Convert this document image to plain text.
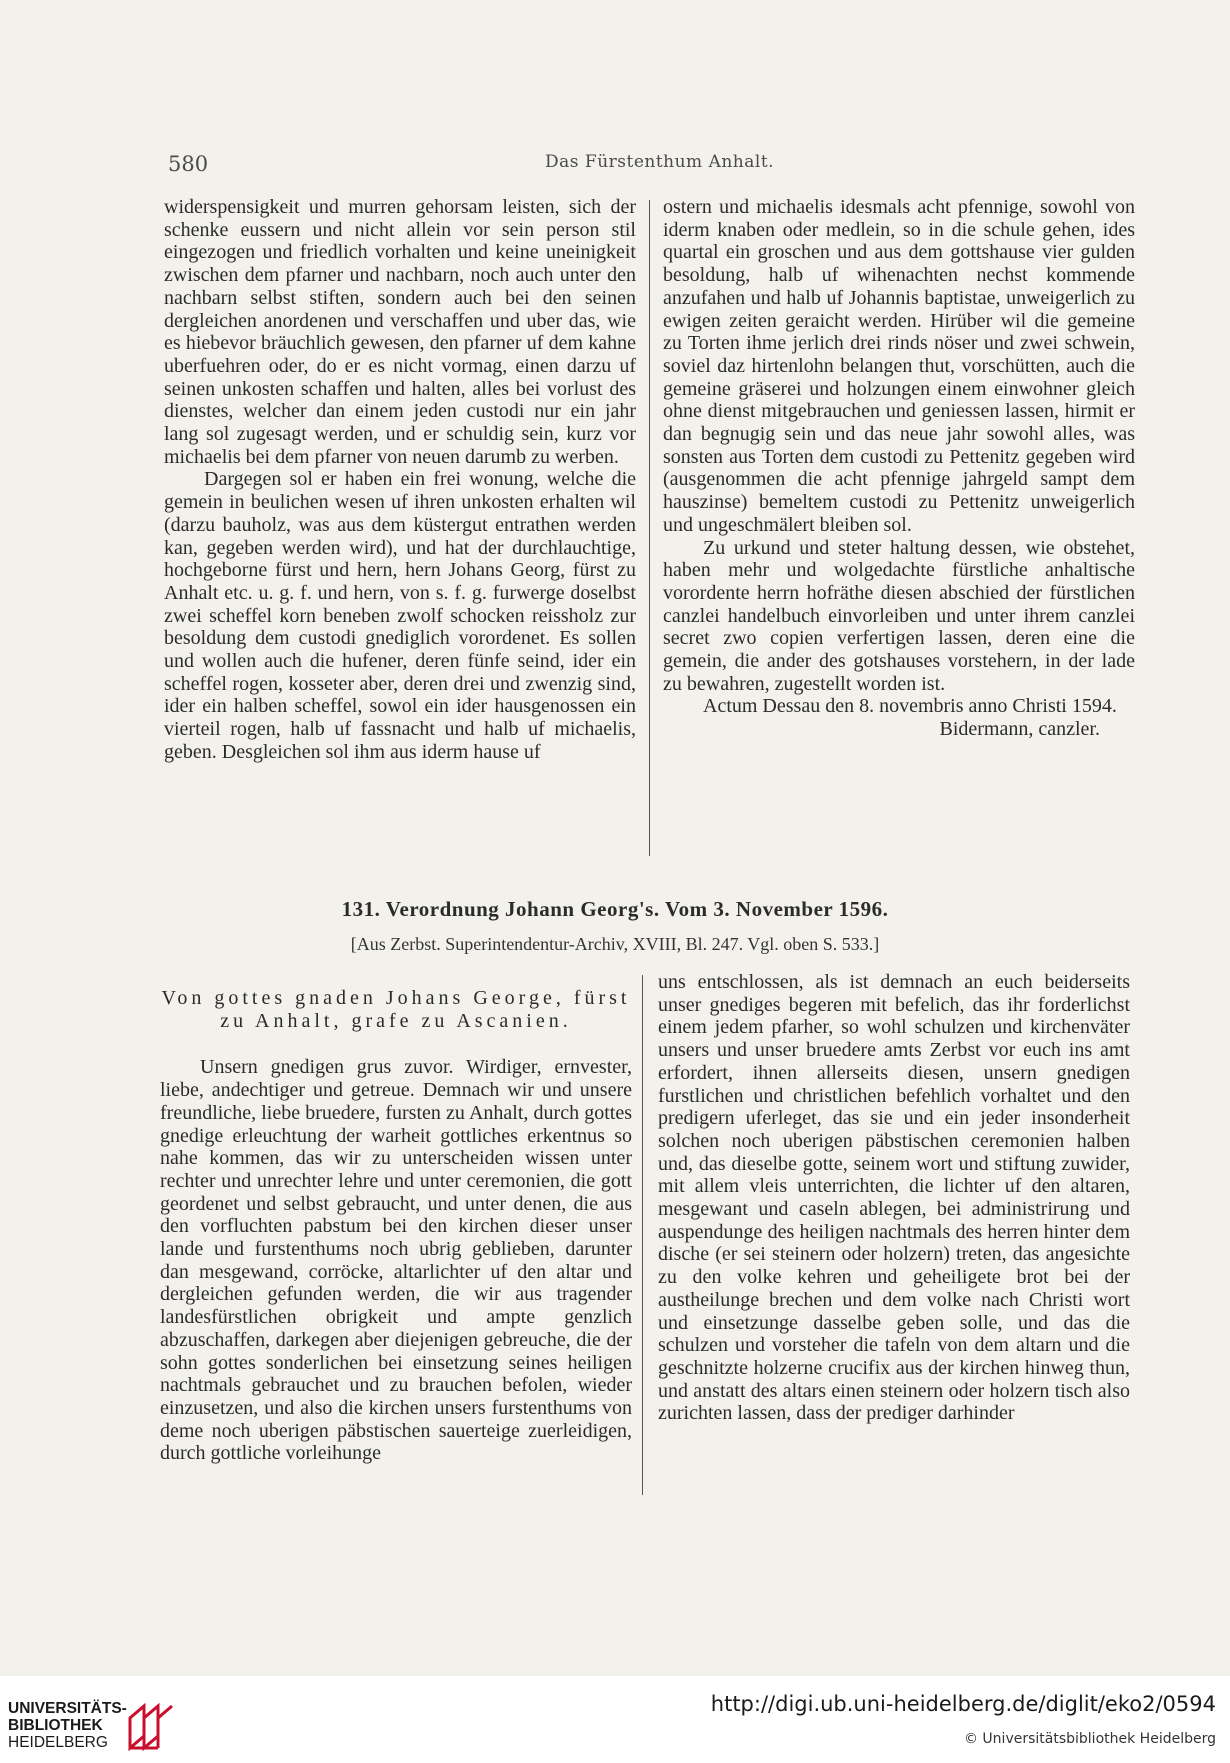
580	Das Fürstenthum Anhalt.

widerspensigkeit und murren gehorsam leisten, sich der schenke eussern und nicht allein vor sein person stil eingezogen und friedlich vorhalten und keine uneinigkeit zwischen dem pfarner und nachbarn, noch auch unter den nachbarn selbst stiften, sondern auch bei den seinen dergleichen anordenen und verschaffen und uber das, wie es hiebevor bräuchlich gewesen, den pfarner uf dem kahne uberfuehren oder, do er es nicht vormag, einen darzu uf seinen unkosten schaffen und halten, alles bei vorlust des dienstes, welcher dan einem jeden custodi nur ein jahr lang sol zugesagt werden, und er schuldig sein, kurz vor michaelis bei dem pfarner von neuen darumb zu werben.

Dargegen sol er haben ein frei wonung, welche die gemein in beulichen wesen uf ihren unkosten erhalten wil (darzu bauholz, was aus dem küstergut entrathen werden kan, gegeben werden wird), und hat der durchlauchtige, hochgeborne fürst und hern, hern Johans Georg, fürst zu Anhalt etc. u. g. f. und hern, von s. f. g. furwerge doselbst zwei scheffel korn beneben zwolf schocken reissholz zur besoldung dem custodi gnediglich vorordenet. Es sollen und wollen auch die hufener, deren fünfe seind, ider ein scheffel rogen, kosseter aber, deren drei und zwenzig sind, ider ein halben scheffel, sowol ein ider hausgenossen ein vierteil rogen, halb uf fassnacht und halb uf michaelis, geben. Desgleichen sol ihm aus iderm hause uf

ostern und michaelis idesmals acht pfennige, sowohl von iderm knaben oder medlein, so in die schule gehen, ides quartal ein groschen und aus dem gottshause vier gulden besoldung, halb uf wihenachten nechst kommende anzufahen und halb uf Johannis baptistae, unweigerlich zu ewigen zeiten geraicht werden. Hirüber wil die gemeine zu Torten ihme jerlich drei rinds nöser und zwei schwein, soviel daz hirtenlohn belangen thut, vorschütten, auch die gemeine gräserei und holzungen einem einwohner gleich ohne dienst mitgebrauchen und geniessen lassen, hirmit er dan begnugig sein und das neue jahr sowohl alles, was sonsten aus Torten dem custodi zu Pettenitz gegeben wird (ausgenommen die acht pfennige jahrgeld sampt dem hauszinse) bemeltem custodi zu Pettenitz unweigerlich und ungeschmälert bleiben sol.

Zu urkund und steter haltung dessen, wie obstehet, haben mehr und wolgedachte fürstliche anhaltische vorordente herrn hofräthe diesen abschied der fürstlichen canzlei handelbuch einvorleiben und unter ihrem canzlei secret zwo copien verfertigen lassen, deren eine die gemein, die ander des gotshauses vorstehern, in der lade zu bewahren, zugestellt worden ist.

Actum Dessau den 8. novembris anno Christi 1594.

Bidermann, canzler.

131. Verordnung Johann Georg's. Vom 3. November 1596.
[Aus Zerbst. Superintendentur-Archiv, XVIII, Bl. 247. Vgl. oben S. 533.]

Von gottes gnaden Johans George, fürst zu Anhalt, grafe zu Ascanien.

Unsern gnedigen grus zuvor. Wirdiger, ernvester, liebe, andechtiger und getreue. Demnach wir und unsere freundliche, liebe bruedere, fursten zu Anhalt, durch gottes gnedige erleuchtung der warheit gottliches erkentnus so nahe kommen, das wir zu unterscheiden wissen unter rechter und unrechter lehre und unter ceremonien, die gott geordenet und selbst gebraucht, und unter denen, die aus den vorfluchten pabstum bei den kirchen dieser unser lande und furstenthums noch ubrig geblieben, darunter dan mesgewand, corröcke, altarlichter uf den altar und dergleichen gefunden werden, die wir aus tragender landesfürstlichen obrigkeit und ampte genzlich abzuschaffen, darkegen aber diejenigen gebreuche, die der sohn gottes sonderlichen bei einsetzung seines heiligen nachtmals gebrauchet und zu brauchen befolen, wieder einzusetzen, und also die kirchen unsers furstenthums von deme noch uberigen päbstischen sauerteige zuerleidigen, durch gottliche vorleihunge

uns entschlossen, als ist demnach an euch beiderseits unser gnediges begeren mit befelich, das ihr forderlichst einem jedem pfarher, so wohl schulzen und kirchenväter unsers und unser bruedere amts Zerbst vor euch ins amt erfordert, ihnen allerseits diesen, unsern gnedigen furstlichen und christlichen befehlich vorhaltet und den predigern uferleget, das sie und ein jeder insonderheit solchen noch uberigen päbstischen ceremonien halben und, das dieselbe gotte, seinem wort und stiftung zuwider, mit allem vleis unterrichten, die lichter uf den altaren, mesgewant und caseln ablegen, bei administrirung und auspendunge des heiligen nachtmals des herren hinter dem dische (er sei steinern oder holzern) treten, das angesichte zu den volke kehren und geheiligete brot bei der austheilunge brechen und dem volke nach Christi wort und einsetzunge dasselbe geben solle, und das die schulzen und vorsteher die tafeln von dem altarn und die geschnitzte holzerne crucifix aus der kirchen hinweg thun, und anstatt des altars einen steinern oder holzern tisch also zurichten lassen, dass der prediger darhinder

UNIVERSITÄTS-
BIBLIOTHEK
HEIDELBERG
http://digi.ub.uni-heidelberg.de/diglit/eko2/0594
© Universitätsbibliothek Heidelberg
